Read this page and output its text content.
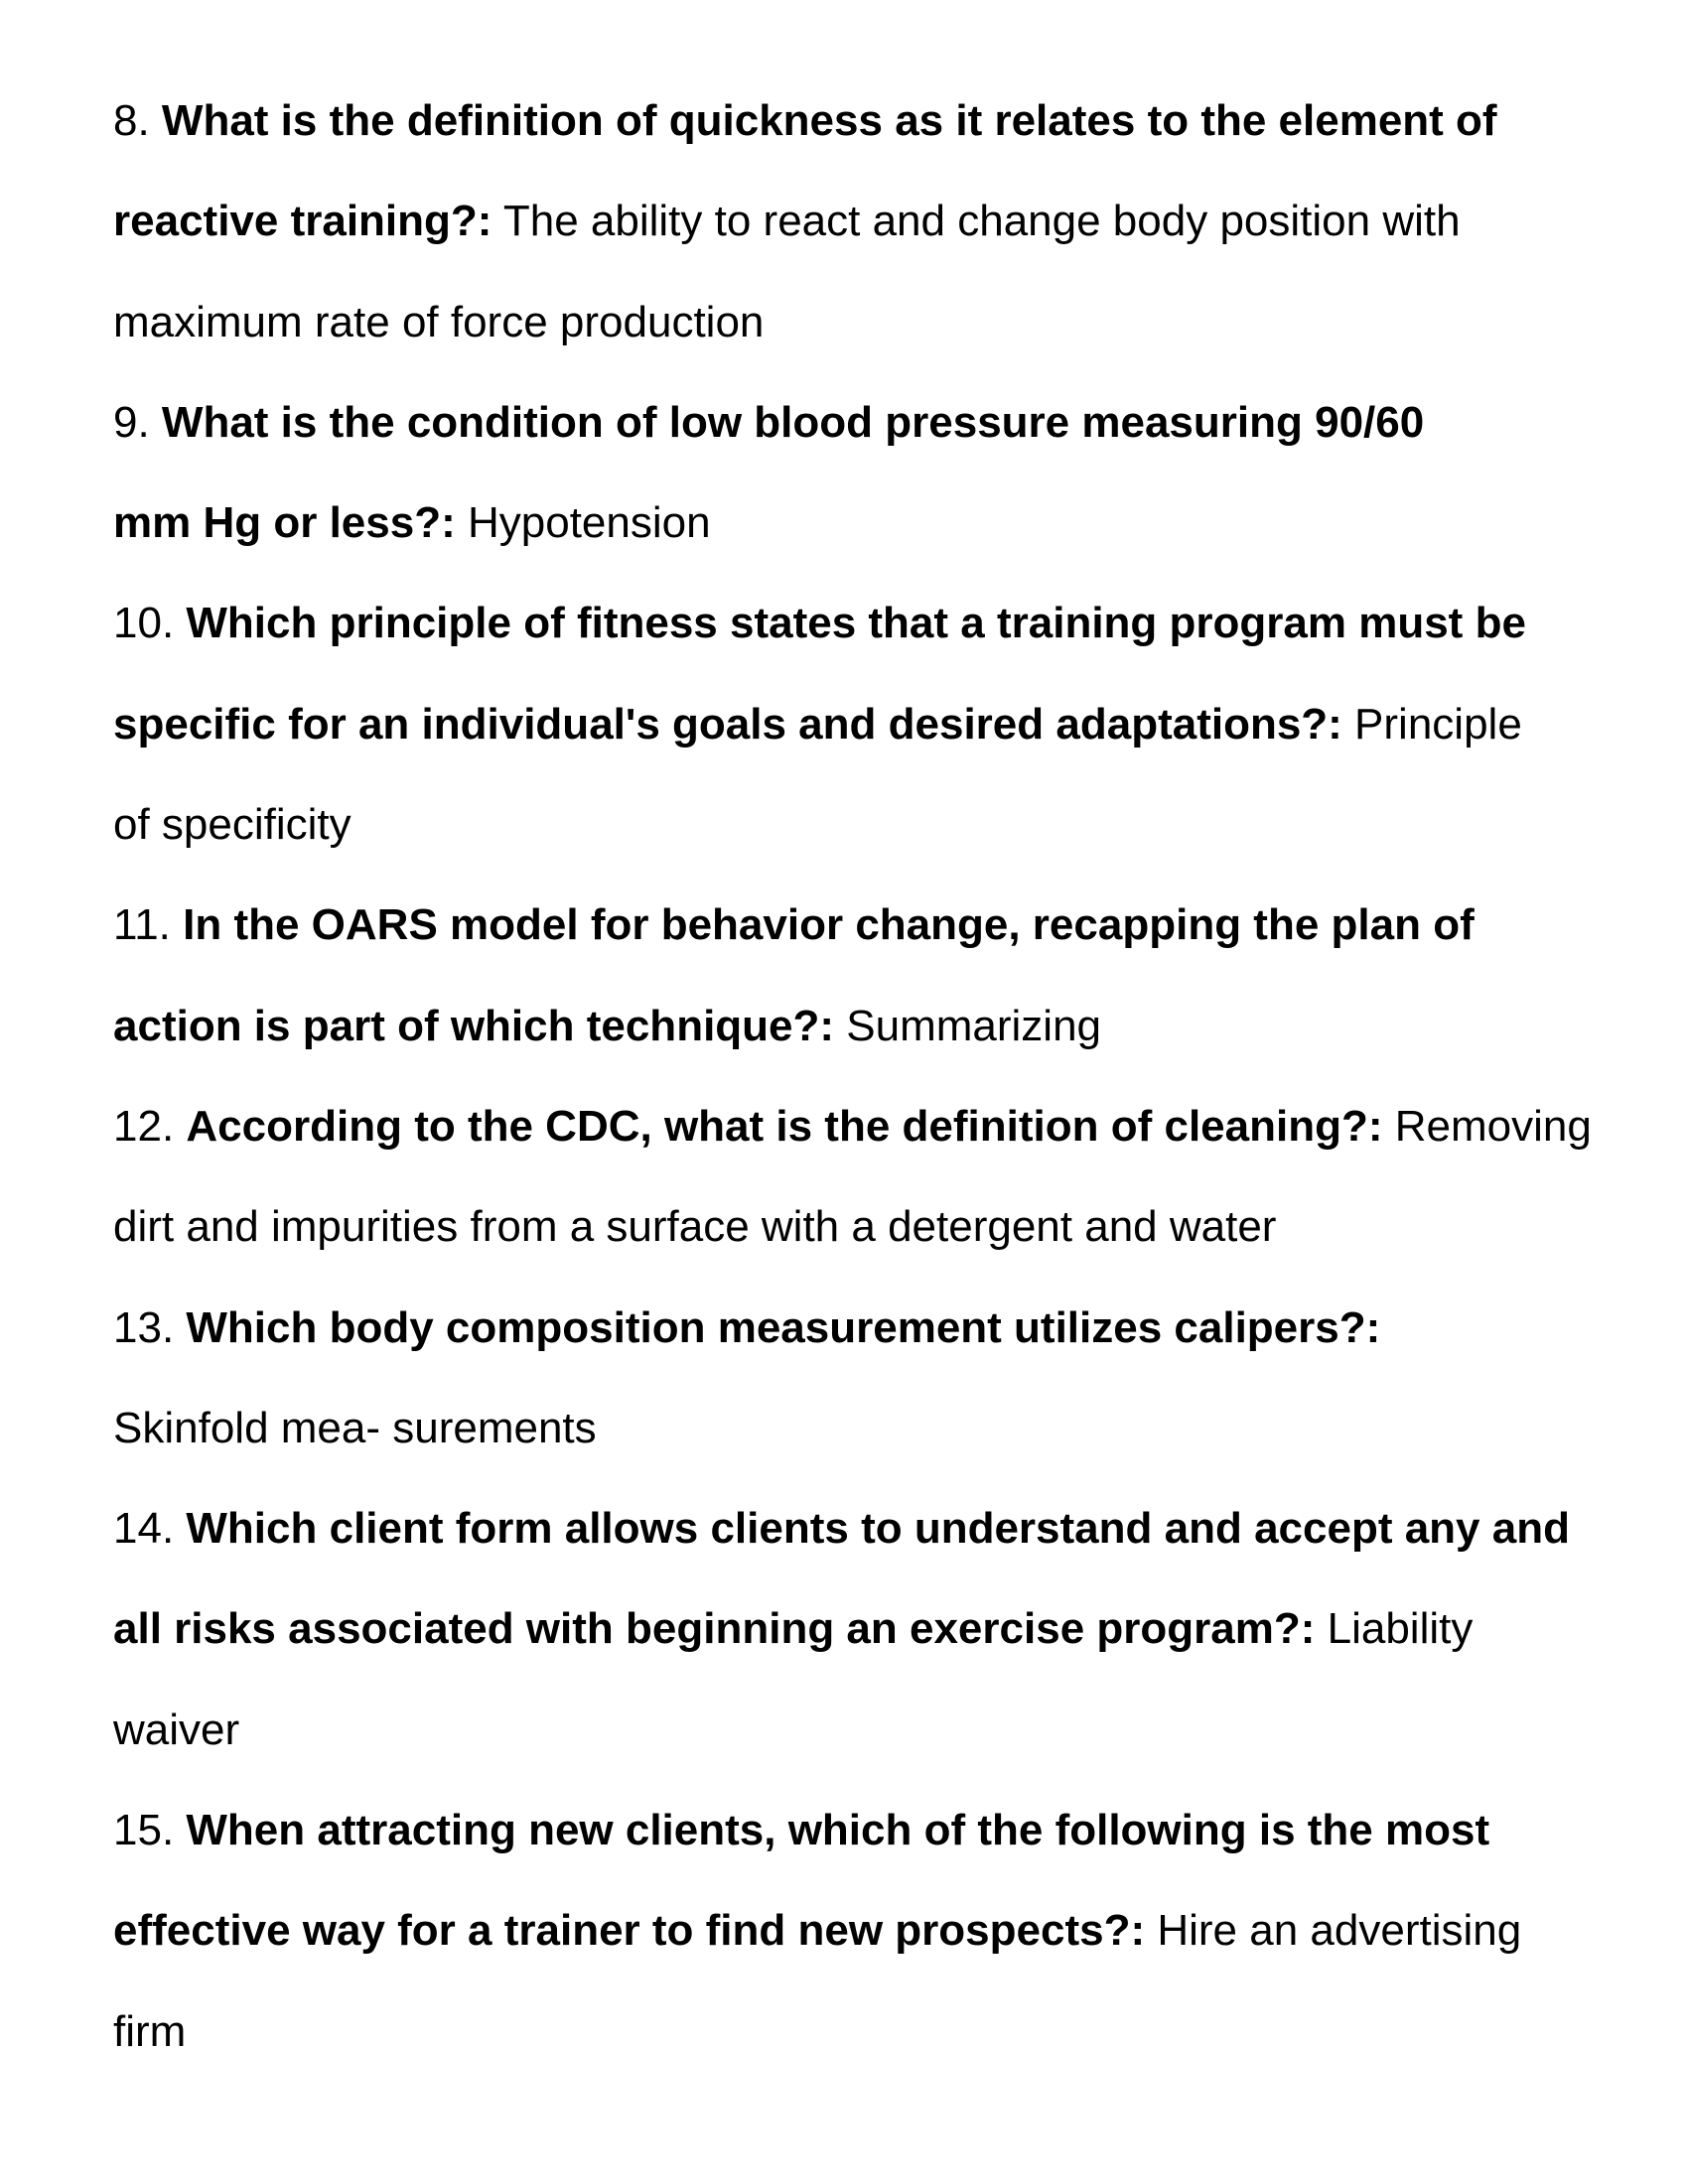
8. What is the definition of quickness as it relates to the element of
reactive training?: The ability to react and change body position with
maximum rate of force production
9. What is the condition of low blood pressure measuring 90/60
mm Hg or less?: Hypotension
10. Which principle of fitness states that a training program must be
specific for an individual's goals and desired adaptations?: Principle
of specificity
11. In the OARS model for behavior change, recapping the plan of
action is part of which technique?: Summarizing
12. According to the CDC, what is the definition of cleaning?: Removing
dirt and impurities from a surface with a detergent and water
13. Which body composition measurement utilizes calipers?:
Skinfold mea- surements
14. Which client form allows clients to understand and accept any and
all risks associated with beginning an exercise program?: Liability
waiver
15. When attracting new clients, which of the following is the most
effective way for a trainer to find new prospects?: Hire an advertising
firm
